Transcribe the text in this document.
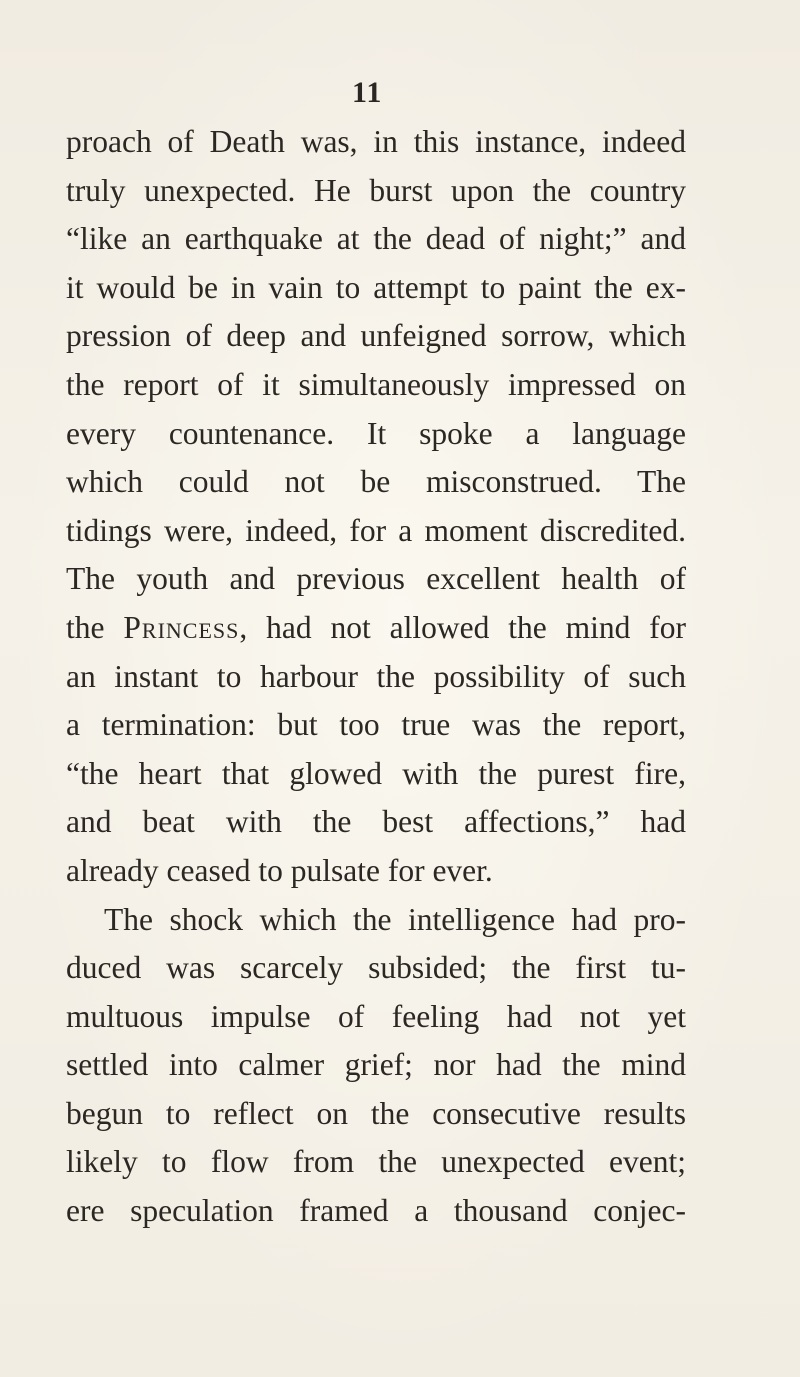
11
proach of Death was, in this instance, indeed
truly unexpected. He burst upon the country
“like an earthquake at the dead of night;” and
it would be in vain to attempt to paint the ex-
pression of deep and unfeigned sorrow, which
the report of it simultaneously impressed on
every countenance. It spoke a language
which could not be misconstrued. The
tidings were, indeed, for a moment discredited.
The youth and previous excellent health of
the Princess, had not allowed the mind for
an instant to harbour the possibility of such
a termination: but too true was the report,
“the heart that glowed with the purest fire,
and beat with the best affections,” had
already ceased to pulsate for ever.
The shock which the intelligence had pro-
duced was scarcely subsided; the first tu-
multuous impulse of feeling had not yet
settled into calmer grief; nor had the mind
begun to reflect on the consecutive results
likely to flow from the unexpected event;
ere speculation framed a thousand conjec-
